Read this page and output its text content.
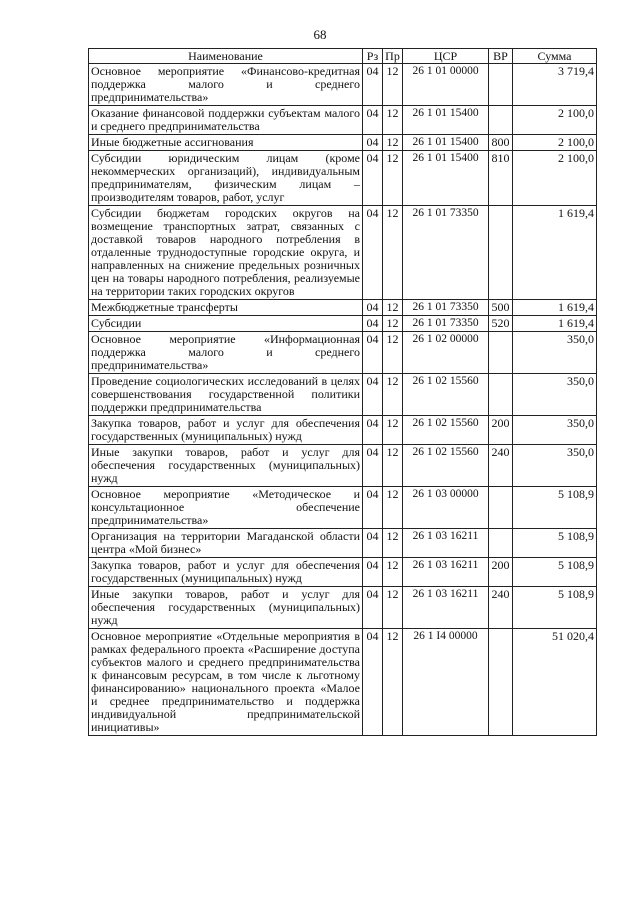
68
Наименование	Рз	Пр	ЦСР	ВР	Сумма
Основное мероприятие «Финансово-кредитная поддержка малого и среднего предпринимательства»	04	12	26 1 01 00000		3 719,4
Оказание финансовой поддержки субъектам малого и среднего предпринимательства	04	12	26 1 01 15400		2 100,0
Иные бюджетные ассигнования	04	12	26 1 01 15400	800	2 100,0
Субсидии юридическим лицам (кроме некоммерческих организаций), индивидуальным предпринимателям, физическим лицам – производителям товаров, работ, услуг	04	12	26 1 01 15400	810	2 100,0
Субсидии бюджетам городских округов на возмещение транспортных затрат, связанных с доставкой товаров народного потребления в отдаленные труднодоступные городские округа, и направленных на снижение предельных розничных цен на товары народного потребления, реализуемые на территории таких городских округов	04	12	26 1 01 73350		1 619,4
Межбюджетные трансферты	04	12	26 1 01 73350	500	1 619,4
Субсидии	04	12	26 1 01 73350	520	1 619,4
Основное мероприятие «Информационная поддержка малого и среднего предпринимательства»	04	12	26 1 02 00000		350,0
Проведение социологических исследований в целях совершенствования государственной политики поддержки предпринимательства	04	12	26 1 02 15560		350,0
Закупка товаров, работ и услуг для обеспечения государственных (муниципальных) нужд	04	12	26 1 02 15560	200	350,0
Иные закупки товаров, работ и услуг для обеспечения государственных (муниципальных) нужд	04	12	26 1 02 15560	240	350,0
Основное мероприятие «Методическое и консультационное обеспечение предпринимательства»	04	12	26 1 03 00000		5 108,9
Организация на территории Магаданской области центра «Мой бизнес»	04	12	26 1 03 16211		5 108,9
Закупка товаров, работ и услуг для обеспечения государственных (муниципальных) нужд	04	12	26 1 03 16211	200	5 108,9
Иные закупки товаров, работ и услуг для обеспечения государственных (муниципальных) нужд	04	12	26 1 03 16211	240	5 108,9
Основное мероприятие «Отдельные мероприятия в рамках федерального проекта «Расширение доступа субъектов малого и среднего предпринимательства к финансовым ресурсам, в том числе к льготному финансированию» национального проекта «Малое и среднее предпринимательство и поддержка индивидуальной предпринимательской инициативы»	04	12	26 1 I4 00000		51 020,4
